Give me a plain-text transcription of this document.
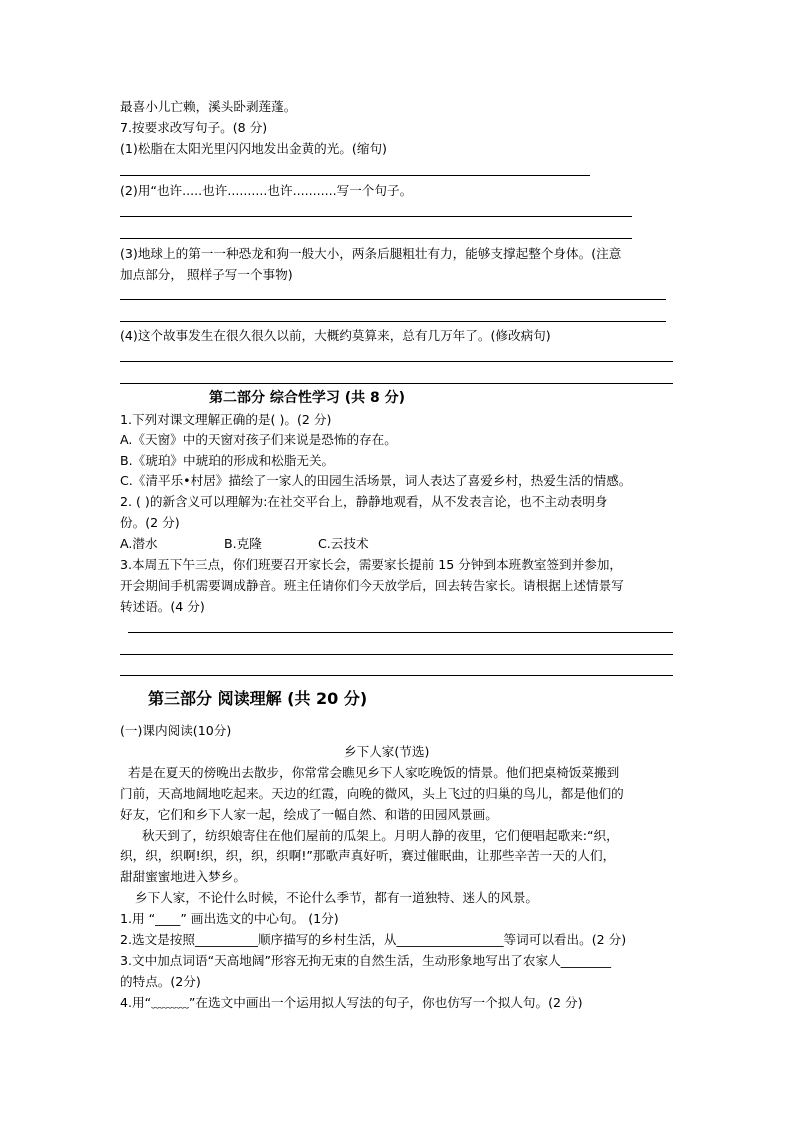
最喜小儿亡赖，溪头卧剥莲蓬。
7.按要求改写句子。(8 分)
(1)松脂在太阳光里闪闪地发出金黄的光。(缩句)
(2)用“也许.....也许..........也许...........写一个句子。
(3)地球上的第一一种恐龙和狗一般大小，两条后腿粗壮有力，能够支撑起整个身体。(注意
加点部分， 照样子写一个事物)
(4)这个故事发生在很久很久以前，大概约莫算来，总有几万年了。(修改病句)
第二部分 综合性学习 (共 8 分)
1.下列对课文理解正确的是( )。(2 分)
A.《天窗》中的天窗对孩子们来说是恐怖的存在。
B.《琥珀》中琥珀的形成和松脂无关。
C.《清平乐•村居》描绘了一家人的田园生活场景，词人表达了喜爱乡村，热爱生活的情感。
2. ( )的新含义可以理解为:在社交平台上，静静地观看，从不发表言论，也不主动表明身
份。(2 分)
A.潜水	B.克隆	C.云技术
3.本周五下午三点，你们班要召开家长会，需要家长提前 15 分钟到本班教室签到并参加，
开会期间手机需要调成静音。班主任请你们今天放学后，回去转告家长。请根据上述情景写
转述语。(4 分)
第三部分 阅读理解 (共 20 分)
(一)课内阅读(10分)
乡下人家(节选)
若是在夏天的傍晚出去散步，你常常会瞧见乡下人家吃晚饭的情景。他们把桌椅饭菜搬到
门前，天高地阔地吃起来。天边的红霞，向晚的微风，头上飞过的归巢的鸟儿，都是他们的
好友，它们和乡下人家一起，绘成了一幅自然、和谐的田园风景画。
秋天到了，纺织娘寄住在他们屋前的瓜架上。月明人静的夜里，它们便唱起歌来:“织，
织，织，织啊!织，织，织，织啊!”那歌声真好听，赛过催眠曲，让那些辛苦一天的人们，
甜甜蜜蜜地进入梦乡。
乡下人家，不论什么时候，不论什么季节，都有一道独特、迷人的风景。
1.用 “____” 画出选文的中心句。 (1分)
2.选文是按照__________顺序描写的乡村生活，从_________________等词可以看出。(2 分)
3.文中加点词语“天高地阔”形容无拘无束的自然生活，生动形象地写出了农家人________
的特点。(2分)
4.用“﹏﹏﹏”在选文中画出一个运用拟人写法的句子，你也仿写一个拟人句。(2 分)
